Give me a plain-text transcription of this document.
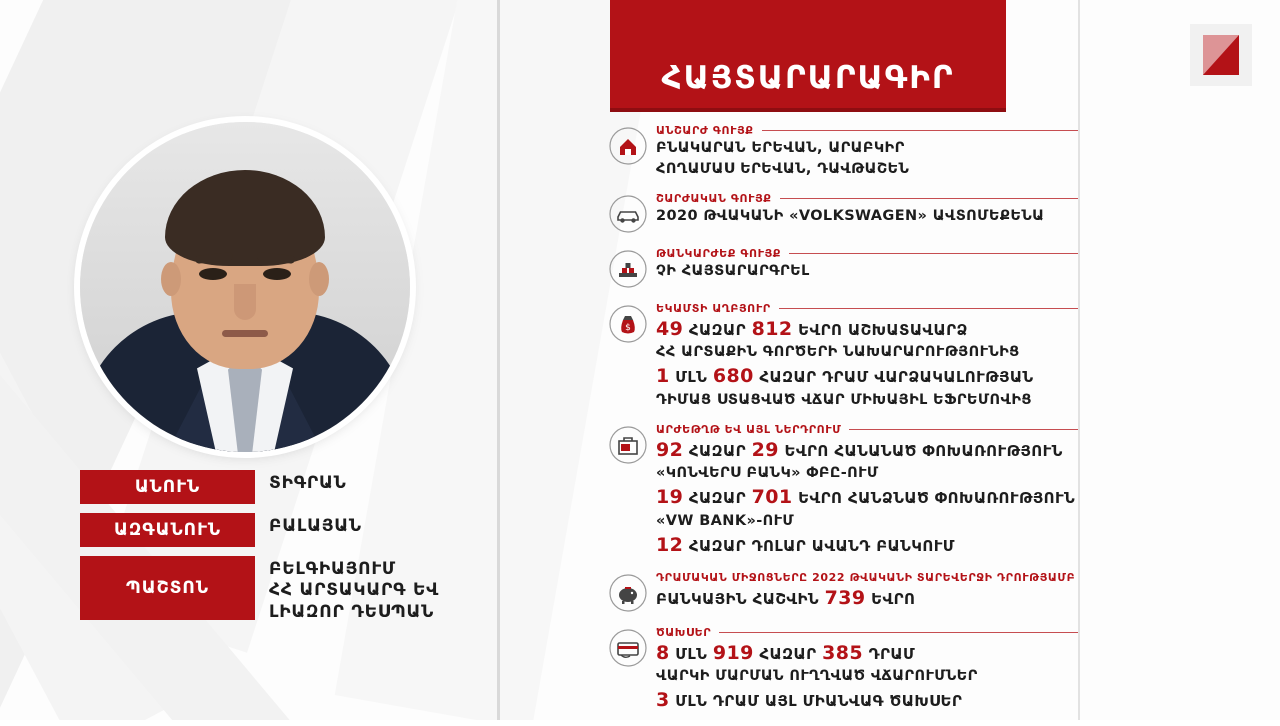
ԱՆՈՒՆ	ՏԻԳՐԱՆ
ԱԶԳԱՆՈՒՆ	ԲԱԼԱՅԱՆ
ՊԱՇՏՈՆ
ԲԵԼԳԻԱՅՈՒՄ
ՀՀ ԱՐՏԱԿԱՐԳ ԵՎ
ԼԻԱԶՈՐ ԴԵՍՊԱՆ
ՀԱՅՏԱՐԱՐԱԳԻՐ
ԱՆՇԱՐԺ ԳՈՒՅՔ
ԲՆԱԿԱՐԱՆ ԵՐԵՎԱՆ, ԱՐԱԲԿԻՐ
ՀՈՂԱՄԱՍ ԵՐԵՎԱՆ, ԴԱՎԹԱՇԵՆ
ՇԱՐԺԱԿԱՆ ԳՈՒՅՔ
2020 ԹՎԱԿԱՆԻ «VOLKSWAGEN» ԱՎՏՈՄԵՔԵՆԱ
ԹԱՆԿԱՐԺԵՔ ԳՈՒՅՔ
ՉԻ ՀԱՅՏԱՐԱՐԳՐԵԼ
$
ԵԿԱՄՏԻ ԱՂԲՅՈՒՐ
49 ՀԱԶԱՐ 812 ԵՎՐՈ ԱՇԽԱՏԱՎԱՐՁ
ՀՀ ԱՐՏԱՔԻՆ ԳՈՐԾԵՐԻ ՆԱԽԱՐԱՐՈՒԹՅՈՒՆԻՑ
1 ՄԼՆ 680 ՀԱԶԱՐ ԴՐԱՄ ՎԱՐՁԱԿԱԼՈՒԹՅԱՆ
ԴԻՄԱՑ ՍՏԱՑՎԱԾ ՎՃԱՐ ՄԻԽԱՅԻԼ ԵՖՐԵՄՈՎԻՑ
ԱՐԺԵԹՂԹ ԵՎ ԱՅԼ ՆԵՐԴՐՈՒՄ
92 ՀԱԶԱՐ 29 ԵՎՐՈ ՀԱՆԱՆԱԾ ՓՈԽԱՌՈՒԹՅՈՒՆ
«ԿՈՆՎԵՐՍ ԲԱՆԿ» ՓԲԸ-ՈՒՄ
19 ՀԱԶԱՐ 701 ԵՎՐՈ ՀԱՆՁՆԱԾ ՓՈԽԱՌՈՒԹՅՈՒՆ
«VW BANK»-ՈՒՄ
12 ՀԱԶԱՐ ԴՈԼԱՐ ԱՎԱՆԴ ԲԱՆԿՈՒՄ
ԴՐԱՄԱԿԱՆ ՄԻՋՈՑՆԵՐԸ 2022 ԹՎԱԿԱՆԻ ՏԱՐԵՎԵՐՋԻ ԴՐՈՒԹՅԱՄԲ
ԲԱՆԿԱՅԻՆ ՀԱՇՎԻՆ 739 ԵՎՐՈ
ԾԱԽՍԵՐ
8 ՄԼՆ 919 ՀԱԶԱՐ 385 ԴՐԱՄ
ՎԱՐԿԻ ՄԱՐՄԱՆ ՈՒՂՂՎԱԾ ՎՃԱՐՈՒՄՆԵՐ
3 ՄԼՆ ԴՐԱՄ ԱՅԼ ՄԻԱՆՎԱԳ ԾԱԽՍԵՐ
